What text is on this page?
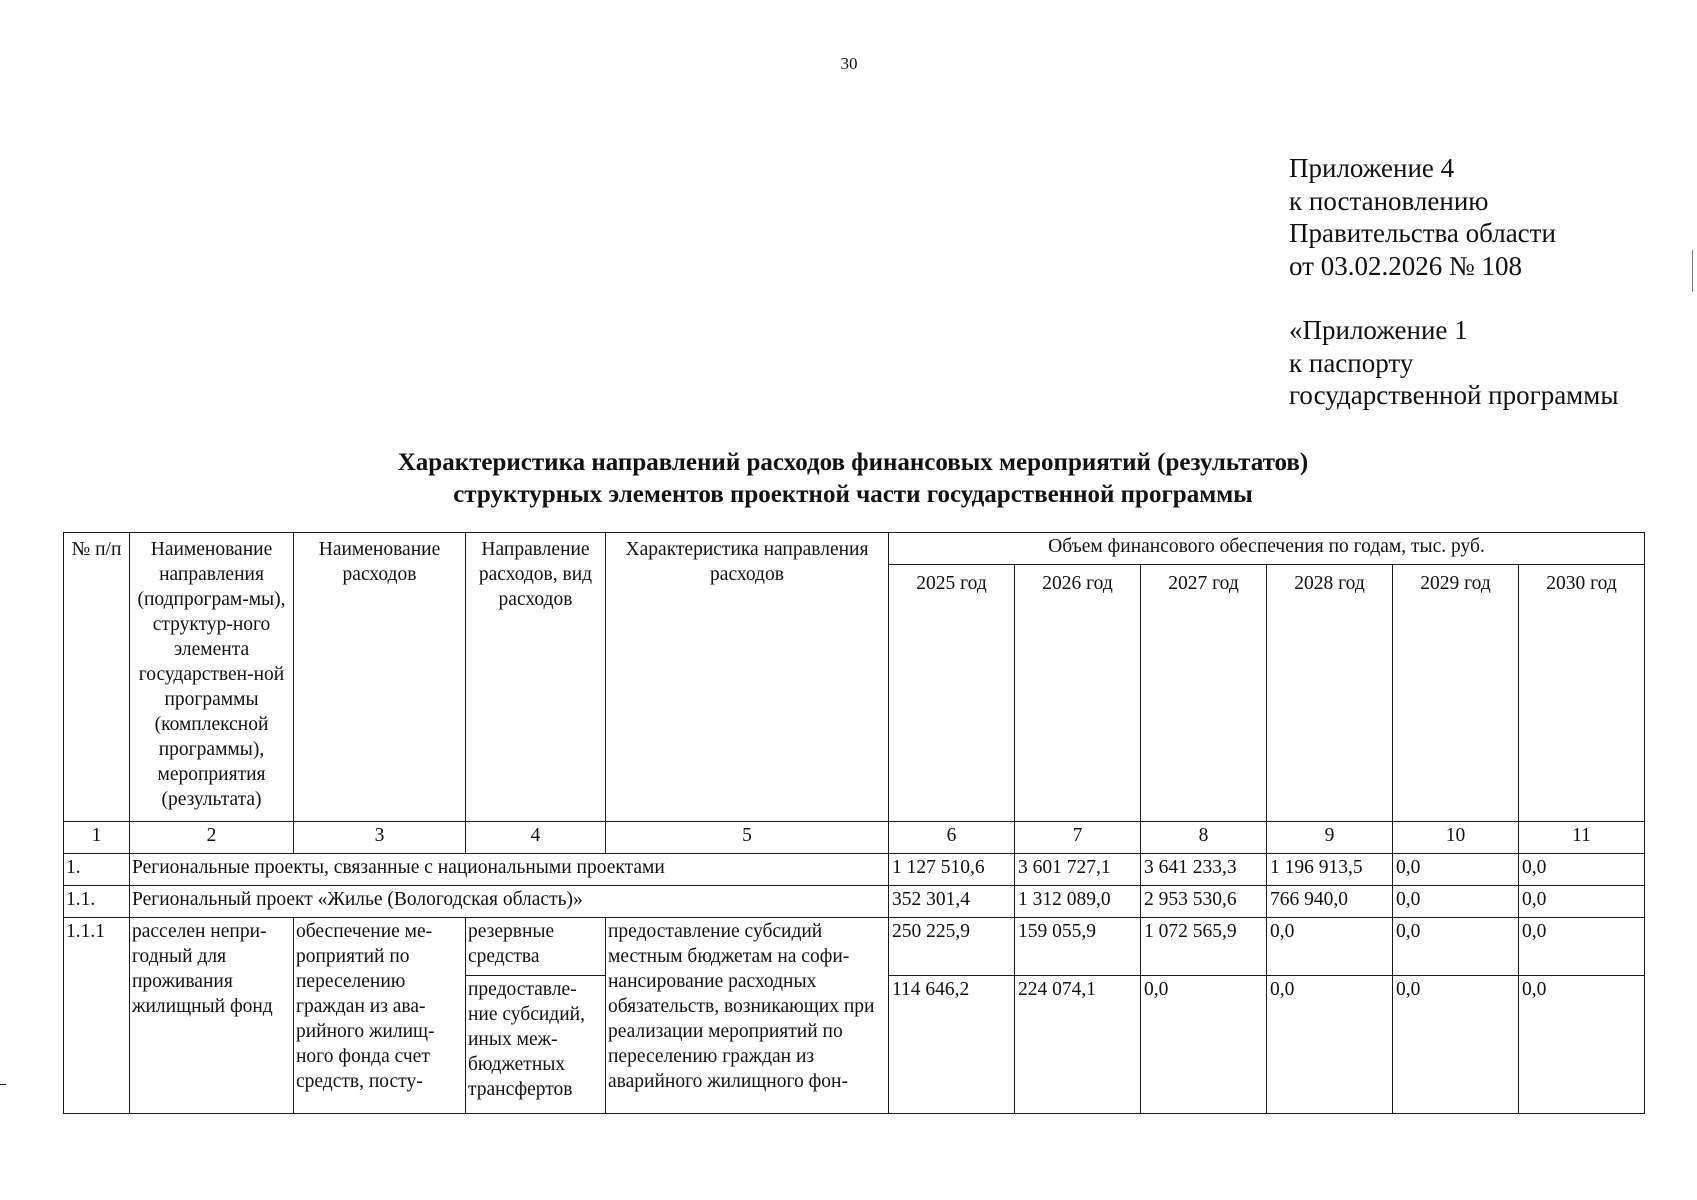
30
Приложение 4
к постановлению
Правительства области
от 03.02.2026 № 108
«Приложение 1
к паспорту
государственной программы
Характеристика направлений расходов финансовых мероприятий (результатов)
структурных элементов проектной части государственной программы
№ п/п	Наименование направления (подпрограм-мы), структур-ного элемента государствен-ной программы (комплексной программы), мероприятия (результата)	Наименование расходов	Направление расходов, вид расходов	Характеристика направления расходов	Объем финансового обеспечения по годам, тыс. руб.					
					2025 год	2026 год	2027 год	2028 год	2029 год	2030 год
1	2	3	4	5	6	7	8	9	10	11
1.	Региональные проекты, связанные с национальными проектами				1 127 510,6	3 601 727,1	3 641 233,3	1 196 913,5	0,0	0,0
1.1.	Региональный проект «Жилье (Вологодская область)»				352 301,4	1 312 089,0	2 953 530,6	766 940,0	0,0	0,0
1.1.1	расселен непри-годный для проживания жилищный фонд	обеспечение ме-роприятий по переселению граждан из ава-рийного жилищ-ного фонда счет средств, посту-	резервные средства	предоставление субсидий местным бюджетам на софи-нансирование расходных обязательств, возникающих при реализации мероприятий по переселению граждан из аварийного жилищного фон-	250 225,9	159 055,9	1 072 565,9	0,0	0,0	0,0
			предоставле-ние субсидий, иных меж-бюджетных трансфертов		114 646,2	224 074,1	0,0	0,0	0,0	0,0
